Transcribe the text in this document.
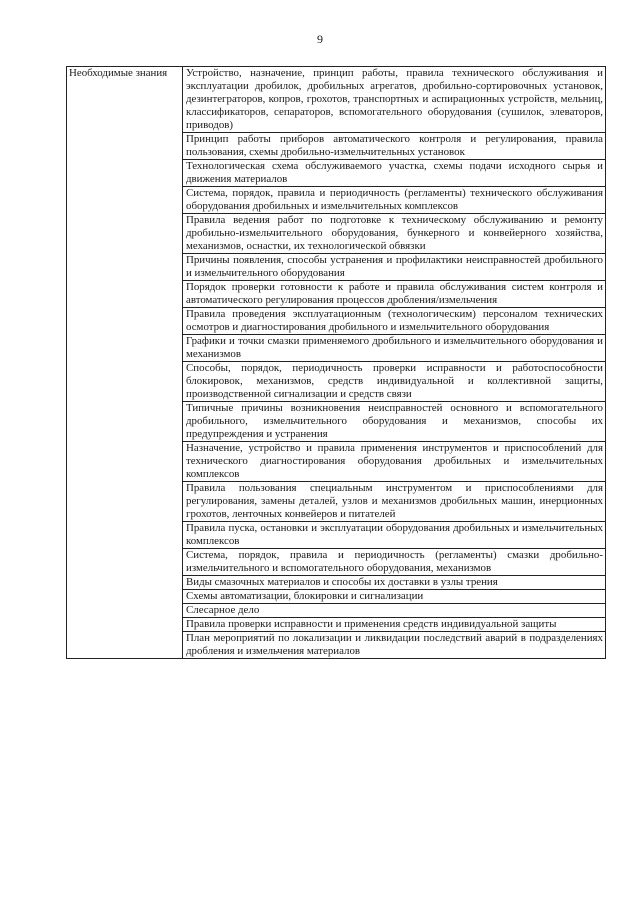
9
Необходимые знания	Устройство, назначение, принцип работы, правила технического обслуживания и эксплуатации дробилок, дробильных агрегатов, дробильно-сортировочных установок, дезинтеграторов, копров, грохотов, транспортных и аспирационных устройств, мельниц, классификаторов, сепараторов, вспомогательного оборудования (сушилок, элеваторов, приводов)
Принцип работы приборов автоматического контроля и регулирования, правила пользования, схемы дробильно-измельчительных установок
Технологическая схема обслуживаемого участка, схемы подачи исходного сырья и движения материалов
Система, порядок, правила и периодичность (регламенты) технического обслуживания оборудования дробильных и измельчительных комплексов
Правила ведения работ по подготовке к техническому обслуживанию и ремонту дробильно-измельчительного оборудования, бункерного и конвейерного хозяйства, механизмов, оснастки, их технологической обвязки
Причины появления, способы устранения и профилактики неисправностей дробильного и измельчительного оборудования
Порядок проверки готовности к работе и правила обслуживания систем контроля и автоматического регулирования процессов дробления/измельчения
Правила проведения эксплуатационным (технологическим) персоналом технических осмотров и диагностирования дробильного и измельчительного оборудования
Графики и точки смазки применяемого дробильного и измельчительного оборудования и механизмов
Способы, порядок, периодичность проверки исправности и работоспособности блокировок, механизмов, средств индивидуальной и коллективной защиты, производственной сигнализации и средств связи
Типичные причины возникновения неисправностей основного и вспомогательного дробильного, измельчительного оборудования и механизмов, способы их предупреждения и устранения
Назначение, устройство и правила применения инструментов и приспособлений для технического диагностирования оборудования дробильных и измельчительных комплексов
Правила пользования специальным инструментом и приспособлениями для регулирования, замены деталей, узлов и механизмов дробильных машин, инерционных грохотов, ленточных конвейеров и питателей
Правила пуска, остановки и эксплуатации оборудования дробильных и измельчительных комплексов
Система, порядок, правила и периодичность (регламенты) смазки дробильно-измельчительного и вспомогательного оборудования, механизмов
Виды смазочных материалов и способы их доставки в узлы трения
Схемы автоматизации, блокировки и сигнализации
Слесарное дело
Правила проверки исправности и применения средств индивидуальной защиты
План мероприятий по локализации и ликвидации последствий аварий в подразделениях дробления и измельчения материалов
